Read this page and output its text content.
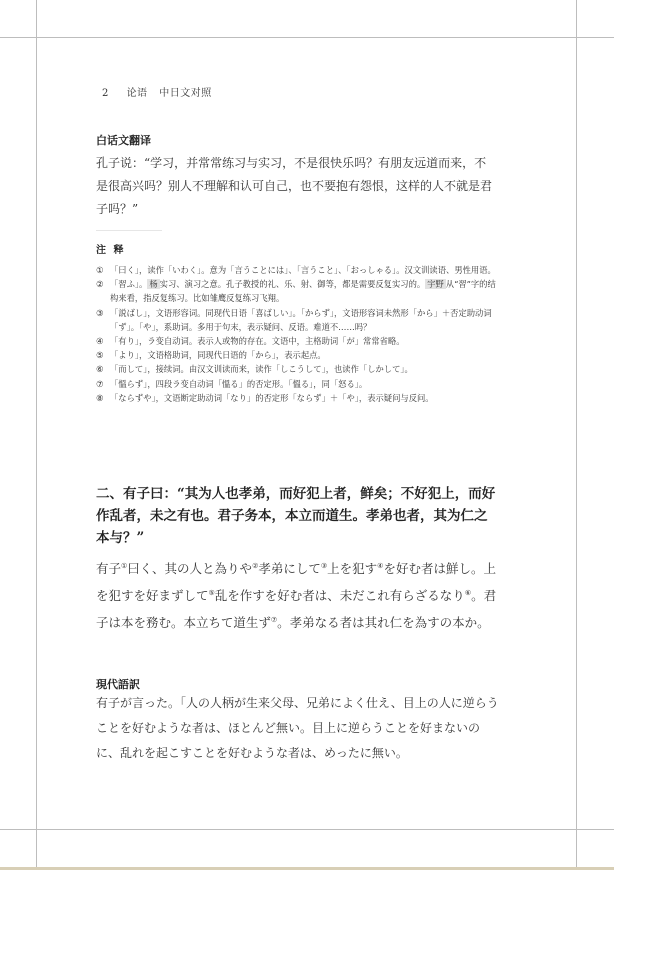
2 论语 中日文对照
白话文翻译

孔子说：“学习，并常常练习与实习，不是很快乐吗？有朋友远道而来，不是很高兴吗？别人不理解和认可自己，也不要抱有怨恨，这样的人不就是君子吗？”

注 释
① 「曰く」，读作「いわく」。意为「言うことには」、「言うこと」、「おっしゃる」。汉文训读语、男性用语。
② 「習ふ」。 杨 实习、演习之意。孔子教授的礼、乐、射、御等，都是需要反复实习的。 宇野 从“習”字的结构来看，指反复练习。比如雏鹰反复练习飞翔。
③ 「説ばし」，文语形容词。同现代日语「喜ばしい」。「からず」，文语形容词未然形「から」＋否定助动词「ず」。「や」，系助词。多用于句末，表示疑问、反语。难道不……吗？
④ 「有り」，ラ变自动词。表示人或物的存在。文语中，主格助词「が」常常省略。
⑤ 「より」，文语格助词，同现代日语的「から」，表示起点。
⑥ 「而して」，接续词。由汉文训读而来，读作「しこうして」，也读作「しかして」。
⑦ 「慍らず」，四段ラ变自动词「慍る」的否定形。「慍る」，同「怒る」。
⑧ 「ならずや」，文语断定助动词「なり」的否定形「ならず」＋「や」，表示疑问与反问。

二、有子曰：“其为人也孝弟，而好犯上者，鲜矣；不好犯上，而好作乱者，未之有也。君子务本，本立而道生。孝弟也者，其为仁之本与？”

有子①曰く、其の人と為りや②孝弟にして③上を犯す④を好む者は鮮し。上を犯すを好まずして⑤乱を作すを好む者は、未だこれ有らざるなり⑥。君子は本を務む。本立ちて道生ず⑦。孝弟なる者は其れ仁を為すの本か。

現代語訳

有子が言った。「人の人柄が生来父母、兄弟によく仕え、目上の人に逆らうことを好むような者は、ほとんど無い。目上に逆らうことを好まないのに、乱れを起こすことを好むような者は、めったに無い。
